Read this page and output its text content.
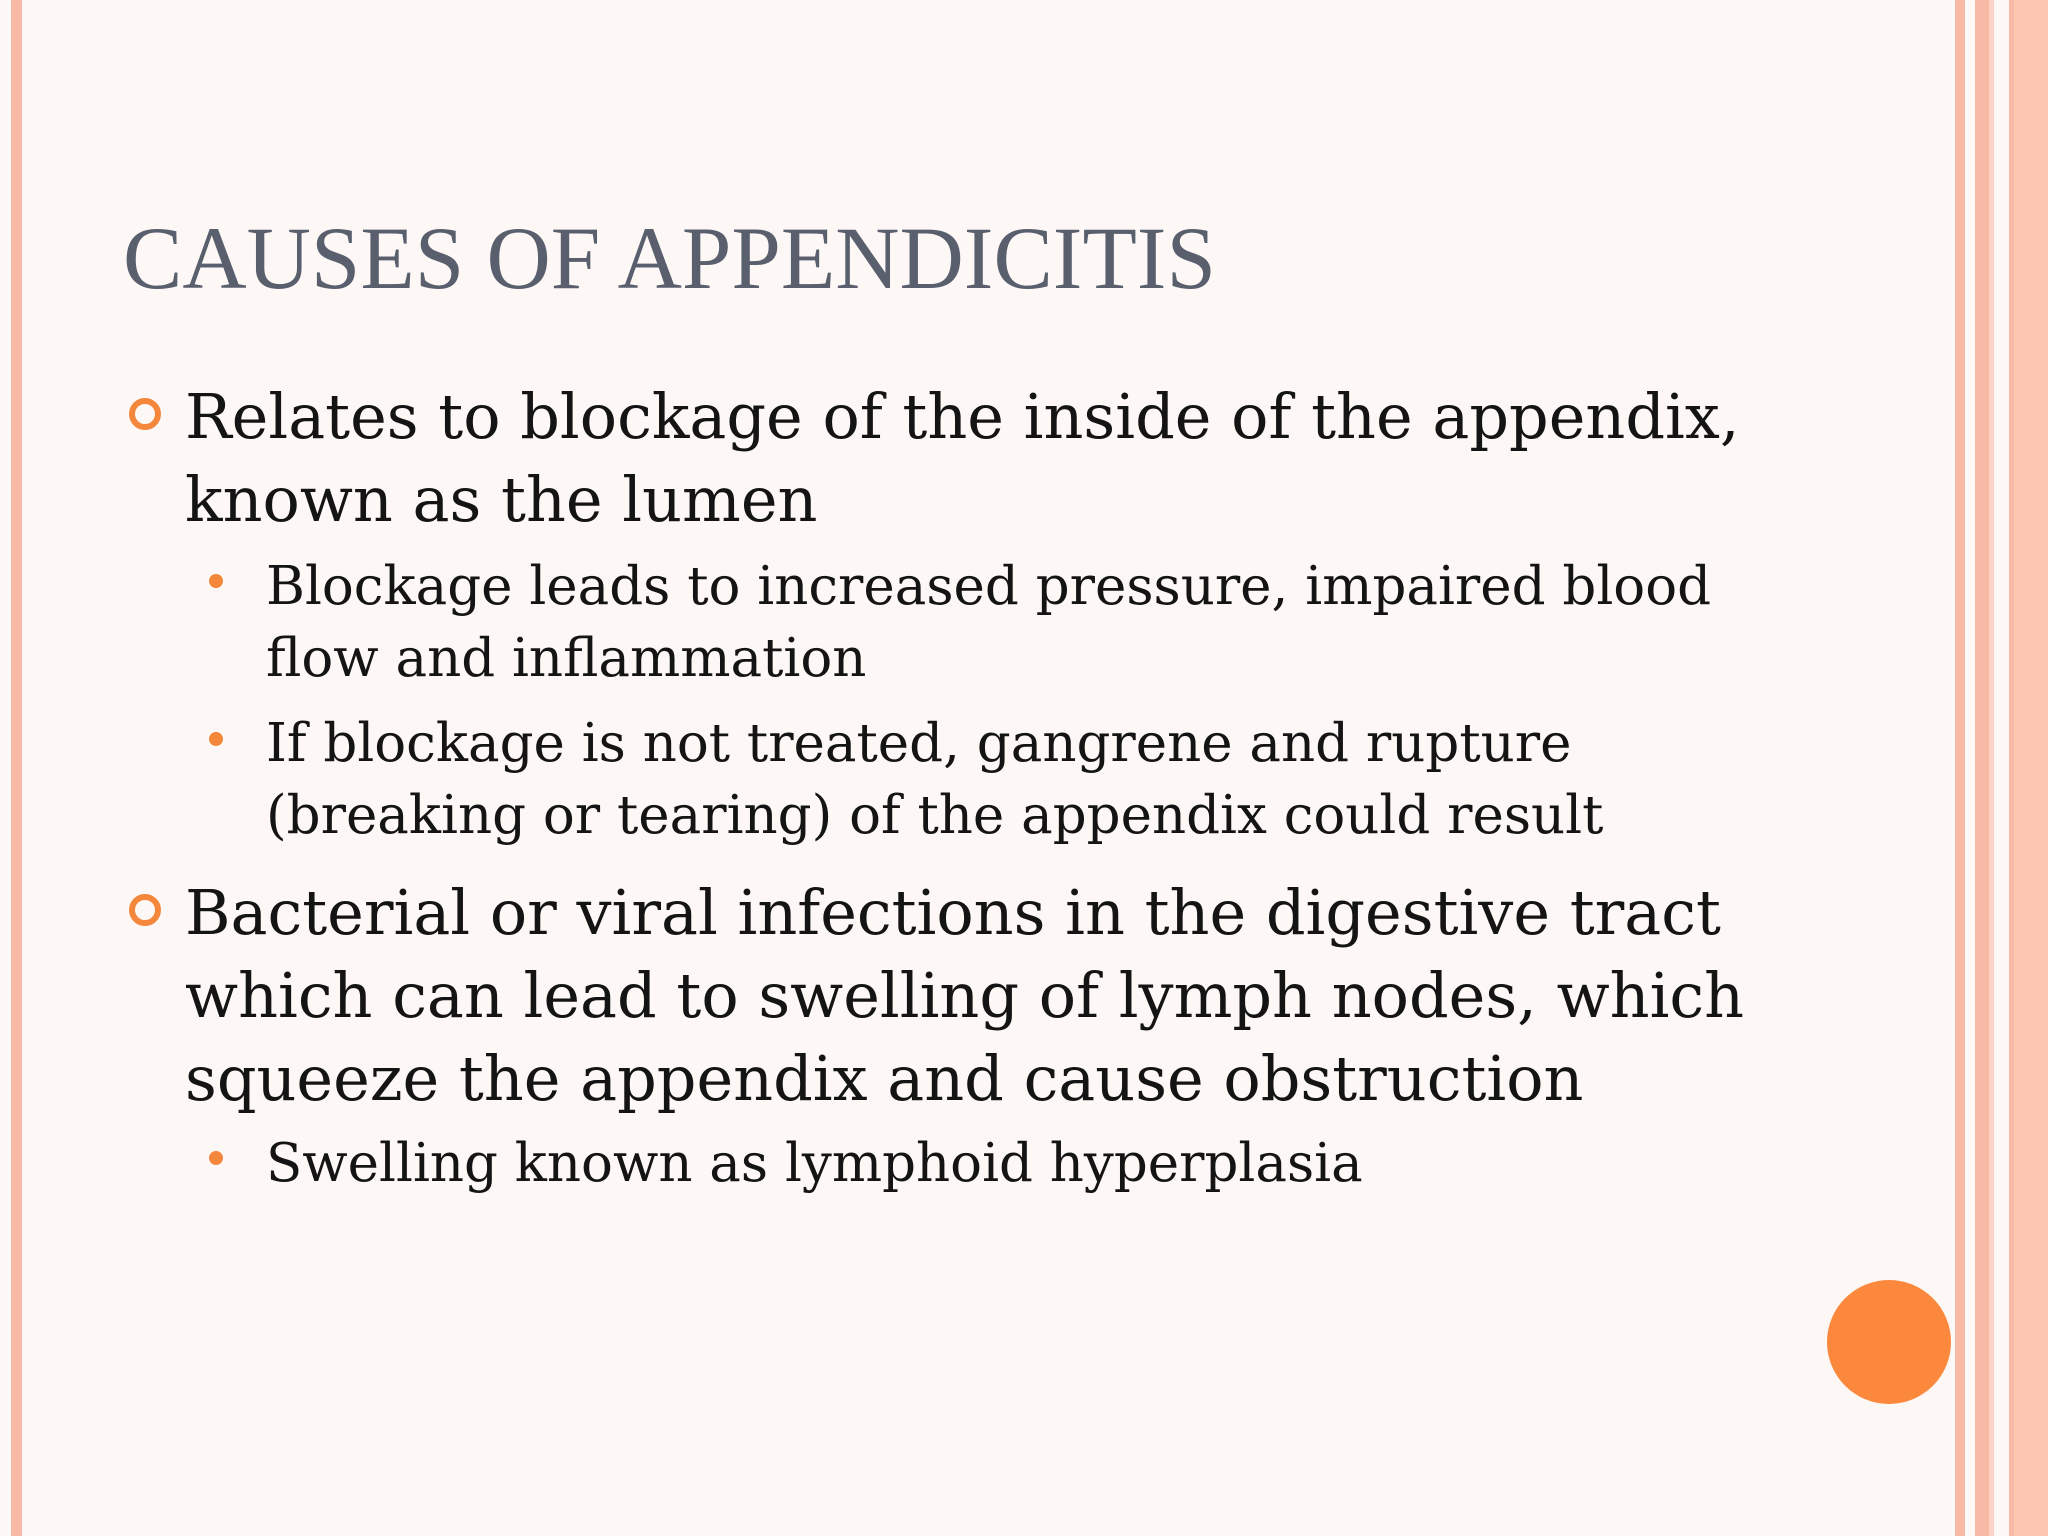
CAUSES OF APPENDICITIS

Relates to blockage of the inside of the appendix, known as the lumen

Blockage leads to increased pressure, impaired blood flow and inflammation

If blockage is not treated, gangrene and rupture (breaking or tearing) of the appendix could result

Bacterial or viral infections in the digestive tract which can lead to swelling of lymph nodes, which squeeze the appendix and cause obstruction

Swelling known as lymphoid hyperplasia
